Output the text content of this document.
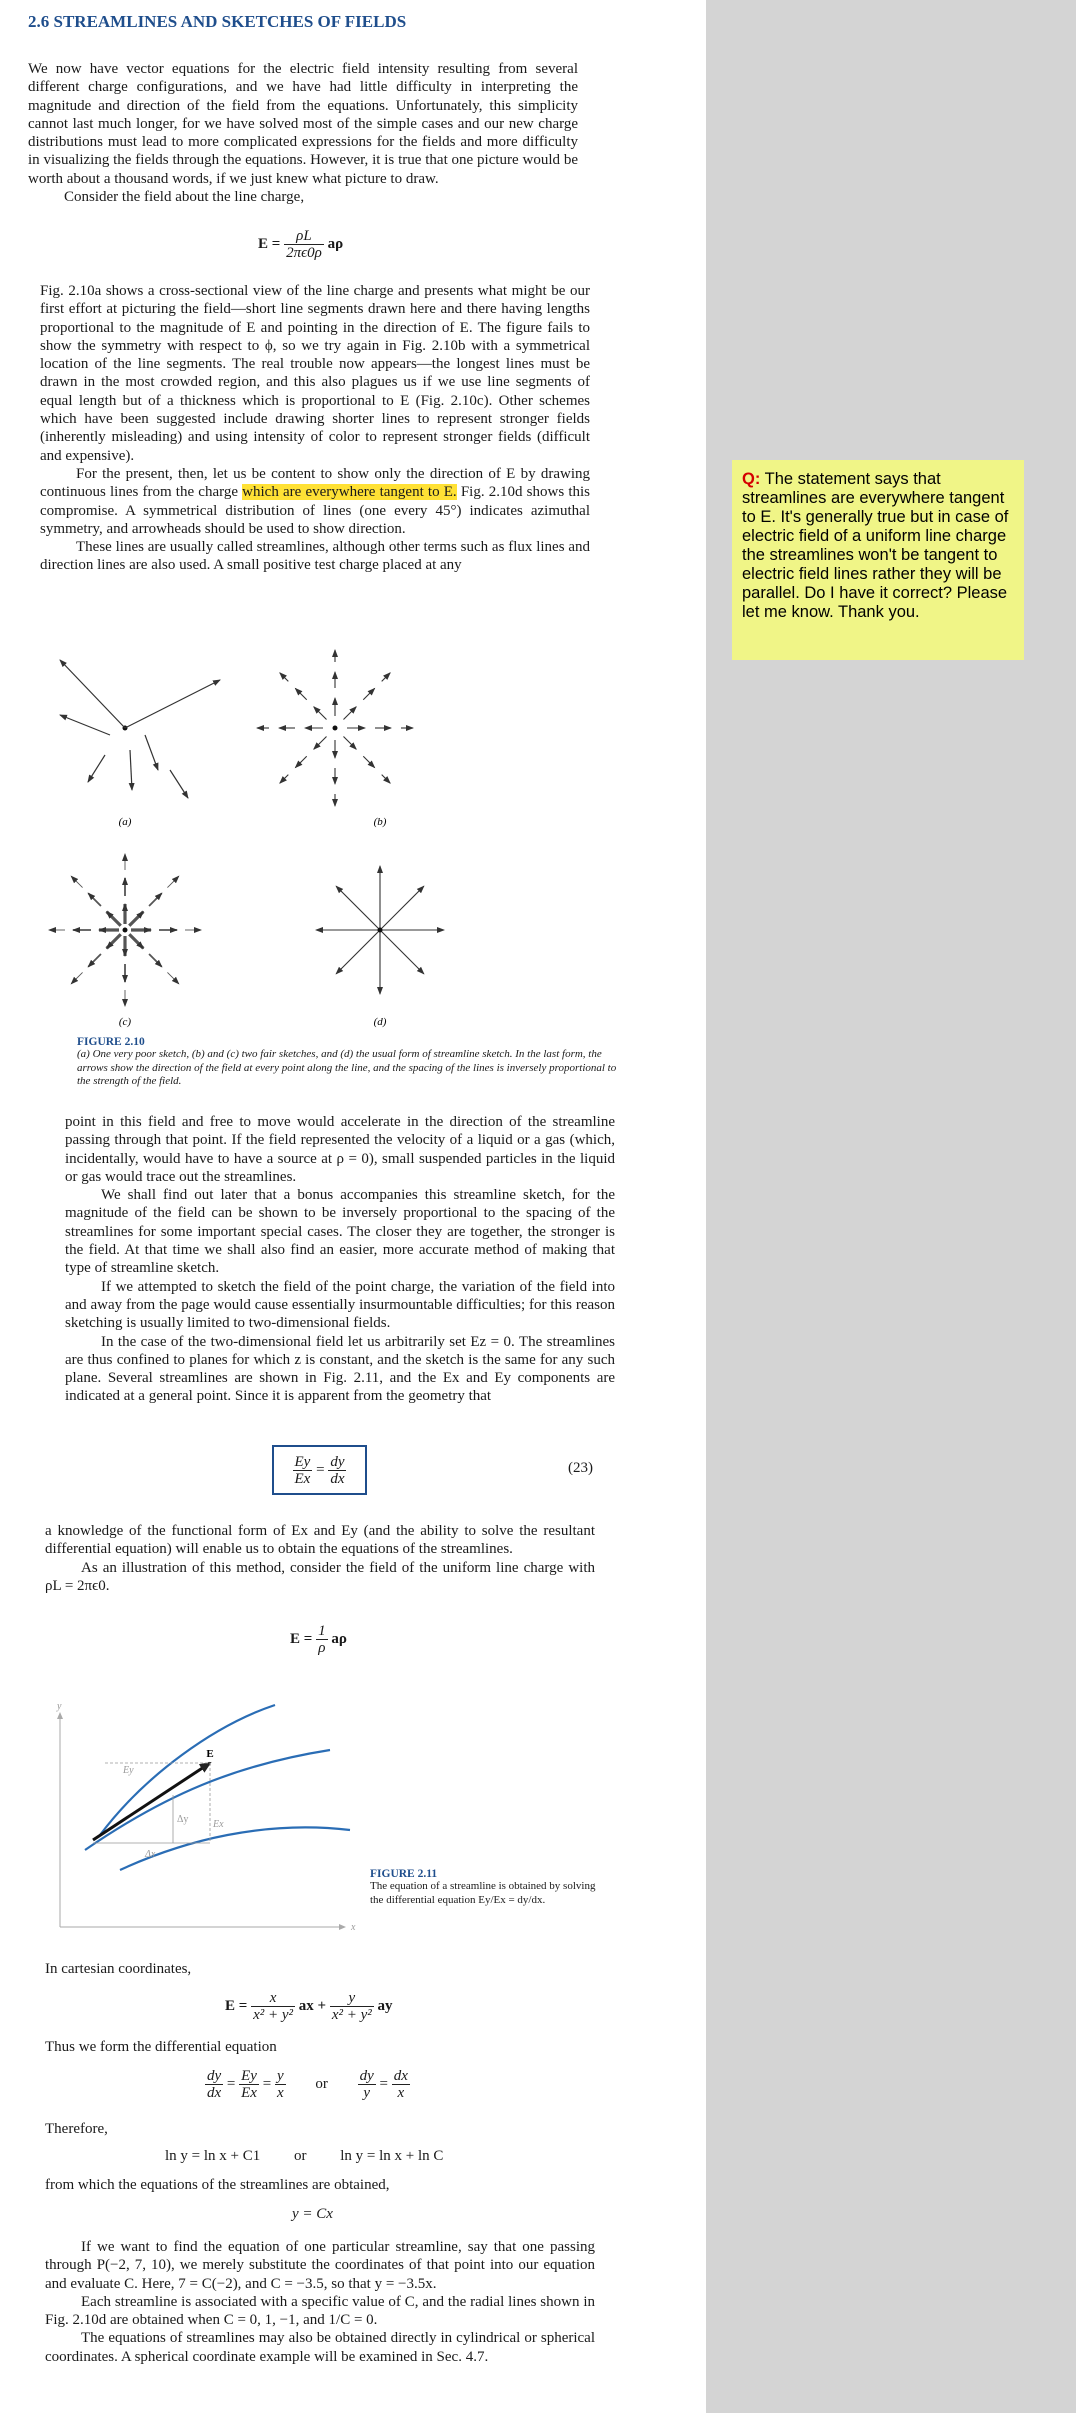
2.6 STREAMLINES AND SKETCHES OF FIELDS

We now have vector equations for the electric field intensity resulting from several different charge configurations, and we have had little difficulty in interpreting the magnitude and direction of the field from the equations. Unfortunately, this simplicity cannot last much longer, for we have solved most of the simple cases and our new charge distributions must lead to more complicated expressions for the fields and more difficulty in visualizing the fields through the equations. However, it is true that one picture would be worth about a thousand words, if we just knew what picture to draw.

Consider the field about the line charge,

$E = \frac{\rho L}{2\pi\epsilon 0\rho}$ aρ

Fig. 2.10a shows a cross-sectional view of the line charge and presents what might be our first effort at picturing the field—short line segments drawn here and there having lengths proportional to the magnitude of E and pointing in the direction of E. The figure fails to show the symmetry with respect to ϕ, so we try again in Fig. 2.10b with a symmetrical location of the line segments. The real trouble now appears—the longest lines must be drawn in the most crowded region, and this also plagues us if we use line segments of equal length but of a thickness which is proportional to E (Fig. 2.10c). Other schemes which have been suggested include drawing shorter lines to represent stronger fields (inherently misleading) and using intensity of color to represent stronger fields (difficult and expensive).

For the present, then, let us be content to show only the direction of E by drawing continuous lines from the charge which are everywhere tangent to E. Fig. 2.10d shows this compromise. A symmetrical distribution of lines (one every 45°) indicates azimuthal symmetry, and arrowheads should be used to show direction.

These lines are usually called streamlines, although other terms such as flux lines and direction lines are also used. A small positive test charge placed at any

(a)	(b)
(c)	(d)
FIGURE 2.10
(a) One very poor sketch, (b) and (c) two fair sketches, and (d) the usual form of streamline sketch. In the last form, the arrows show the direction of the field at every point along the line, and the spacing of the lines is inversely proportional to the strength of the field.

point in this field and free to move would accelerate in the direction of the streamline passing through that point. If the field represented the velocity of a liquid or a gas (which, incidentally, would have to have a source at ρ = 0), small suspended particles in the liquid or gas would trace out the streamlines.

We shall find out later that a bonus accompanies this streamline sketch, for the magnitude of the field can be shown to be inversely proportional to the spacing of the streamlines for some important special cases. The closer they are together, the stronger is the field. At that time we shall also find an easier, more accurate method of making that type of streamline sketch.

If we attempted to sketch the field of the point charge, the variation of the field into and away from the page would cause essentially insurmountable difficulties; for this reason sketching is usually limited to two-dimensional fields.

In the case of the two-dimensional field let us arbitrarily set Ez = 0. The streamlines are thus confined to planes for which z is constant, and the sketch is the same for any such plane. Several streamlines are shown in Fig. 2.11, and the Ex and Ey components are indicated at a general point. Since it is apparent from the geometry that

$\frac{Ey}{Ex} = \frac{dy}{dx}$	(23)

a knowledge of the functional form of Ex and Ey (and the ability to solve the resultant differential equation) will enable us to obtain the equations of the streamlines.

As an illustration of this method, consider the field of the uniform line charge with ρL = 2πϵ0.

$E = \frac{1}{\rho}$ aρ
y
x
E
Ey
Ex
Δy
Δx
FIGURE 2.11
The equation of a streamline is obtained by solving the differential equation Ey/Ex = dy/dx.
In cartesian coordinates,
$E = \frac{x}{\text{x² + y²}}$ ax + $\frac{y}{\text{x² + y²}}$ ay
Thus we form the differential equation
$\frac{dy}{dx} = \frac{Ey}{Ex} = \frac{y}{x}$ or $\frac{dy}{y} = \frac{dx}{x}$
Therefore,
ln y = ln x + C1 or ln y = ln x + ln C
from which the equations of the streamlines are obtained,
y = Cx

If we want to find the equation of one particular streamline, say that one passing through P(−2, 7, 10), we merely substitute the coordinates of that point into our equation and evaluate C. Here, 7 = C(−2), and C = −3.5, so that y = −3.5x.

Each streamline is associated with a specific value of C, and the radial lines shown in Fig. 2.10d are obtained when C = 0, 1, −1, and 1/C = 0.

The equations of streamlines may also be obtained directly in cylindrical or spherical coordinates. A spherical coordinate example will be examined in Sec. 4.7.

Q: The statement says that streamlines are everywhere tangent to E. It's generally true but in case of electric field of a uniform line charge the streamlines won't be tangent to electric field lines rather they will be parallel. Do I have it correct? Please let me know. Thank you.
